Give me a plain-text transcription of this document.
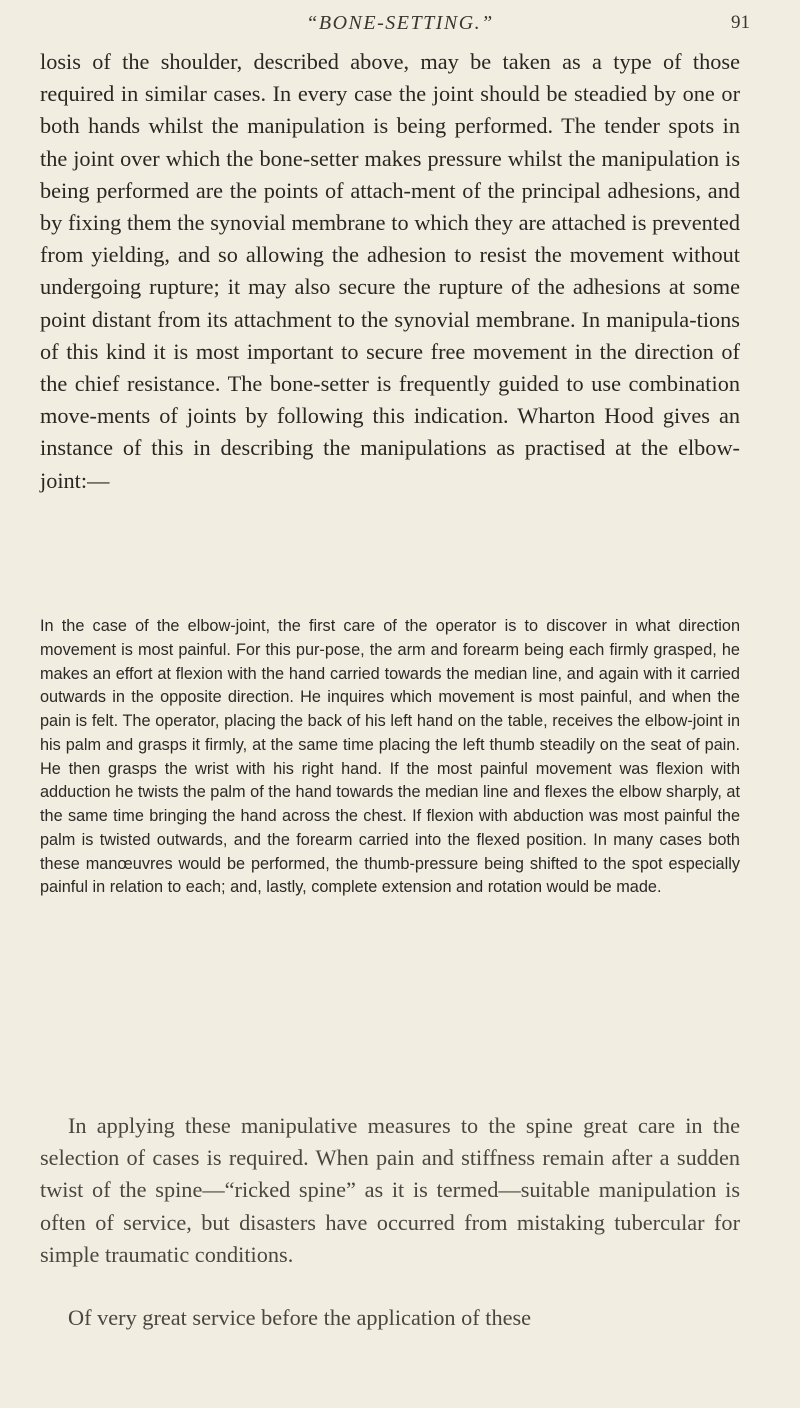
“BONE-SETTING.”	91

losis of the shoulder, described above, may be taken as a type of those required in similar cases. In every case the joint should be steadied by one or both hands whilst the manipulation is being performed. The tender spots in the joint over which the bone-setter makes pressure whilst the manipulation is being performed are the points of attach-ment of the principal adhesions, and by fixing them the synovial membrane to which they are attached is prevented from yielding, and so allowing the adhesion to resist the movement without undergoing rupture; it may also secure the rupture of the adhesions at some point distant from its attachment to the synovial membrane. In manipula-tions of this kind it is most important to secure free movement in the direction of the chief resistance. The bone-setter is frequently guided to use combination move-ments of joints by following this indication. Wharton Hood gives an instance of this in describing the manipulations as practised at the elbow-joint:—

In the case of the elbow-joint, the first care of the operator is to discover in what direction movement is most painful. For this pur-pose, the arm and forearm being each firmly grasped, he makes an effort at flexion with the hand carried towards the median line, and again with it carried outwards in the opposite direction. He inquires which movement is most painful, and when the pain is felt. The operator, placing the back of his left hand on the table, receives the elbow-joint in his palm and grasps it firmly, at the same time placing the left thumb steadily on the seat of pain. He then grasps the wrist with his right hand. If the most painful movement was flexion with adduction he twists the palm of the hand towards the median line and flexes the elbow sharply, at the same time bringing the hand across the chest. If flexion with abduction was most painful the palm is twisted outwards, and the forearm carried into the flexed position. In many cases both these manœuvres would be performed, the thumb-pressure being shifted to the spot especially painful in relation to each; and, lastly, complete extension and rotation would be made.

In applying these manipulative measures to the spine great care in the selection of cases is required. When pain and stiffness remain after a sudden twist of the spine—“ricked spine” as it is termed—suitable manipulation is often of service, but disasters have occurred from mistaking tubercular for simple traumatic conditions.

Of very great service before the application of these
